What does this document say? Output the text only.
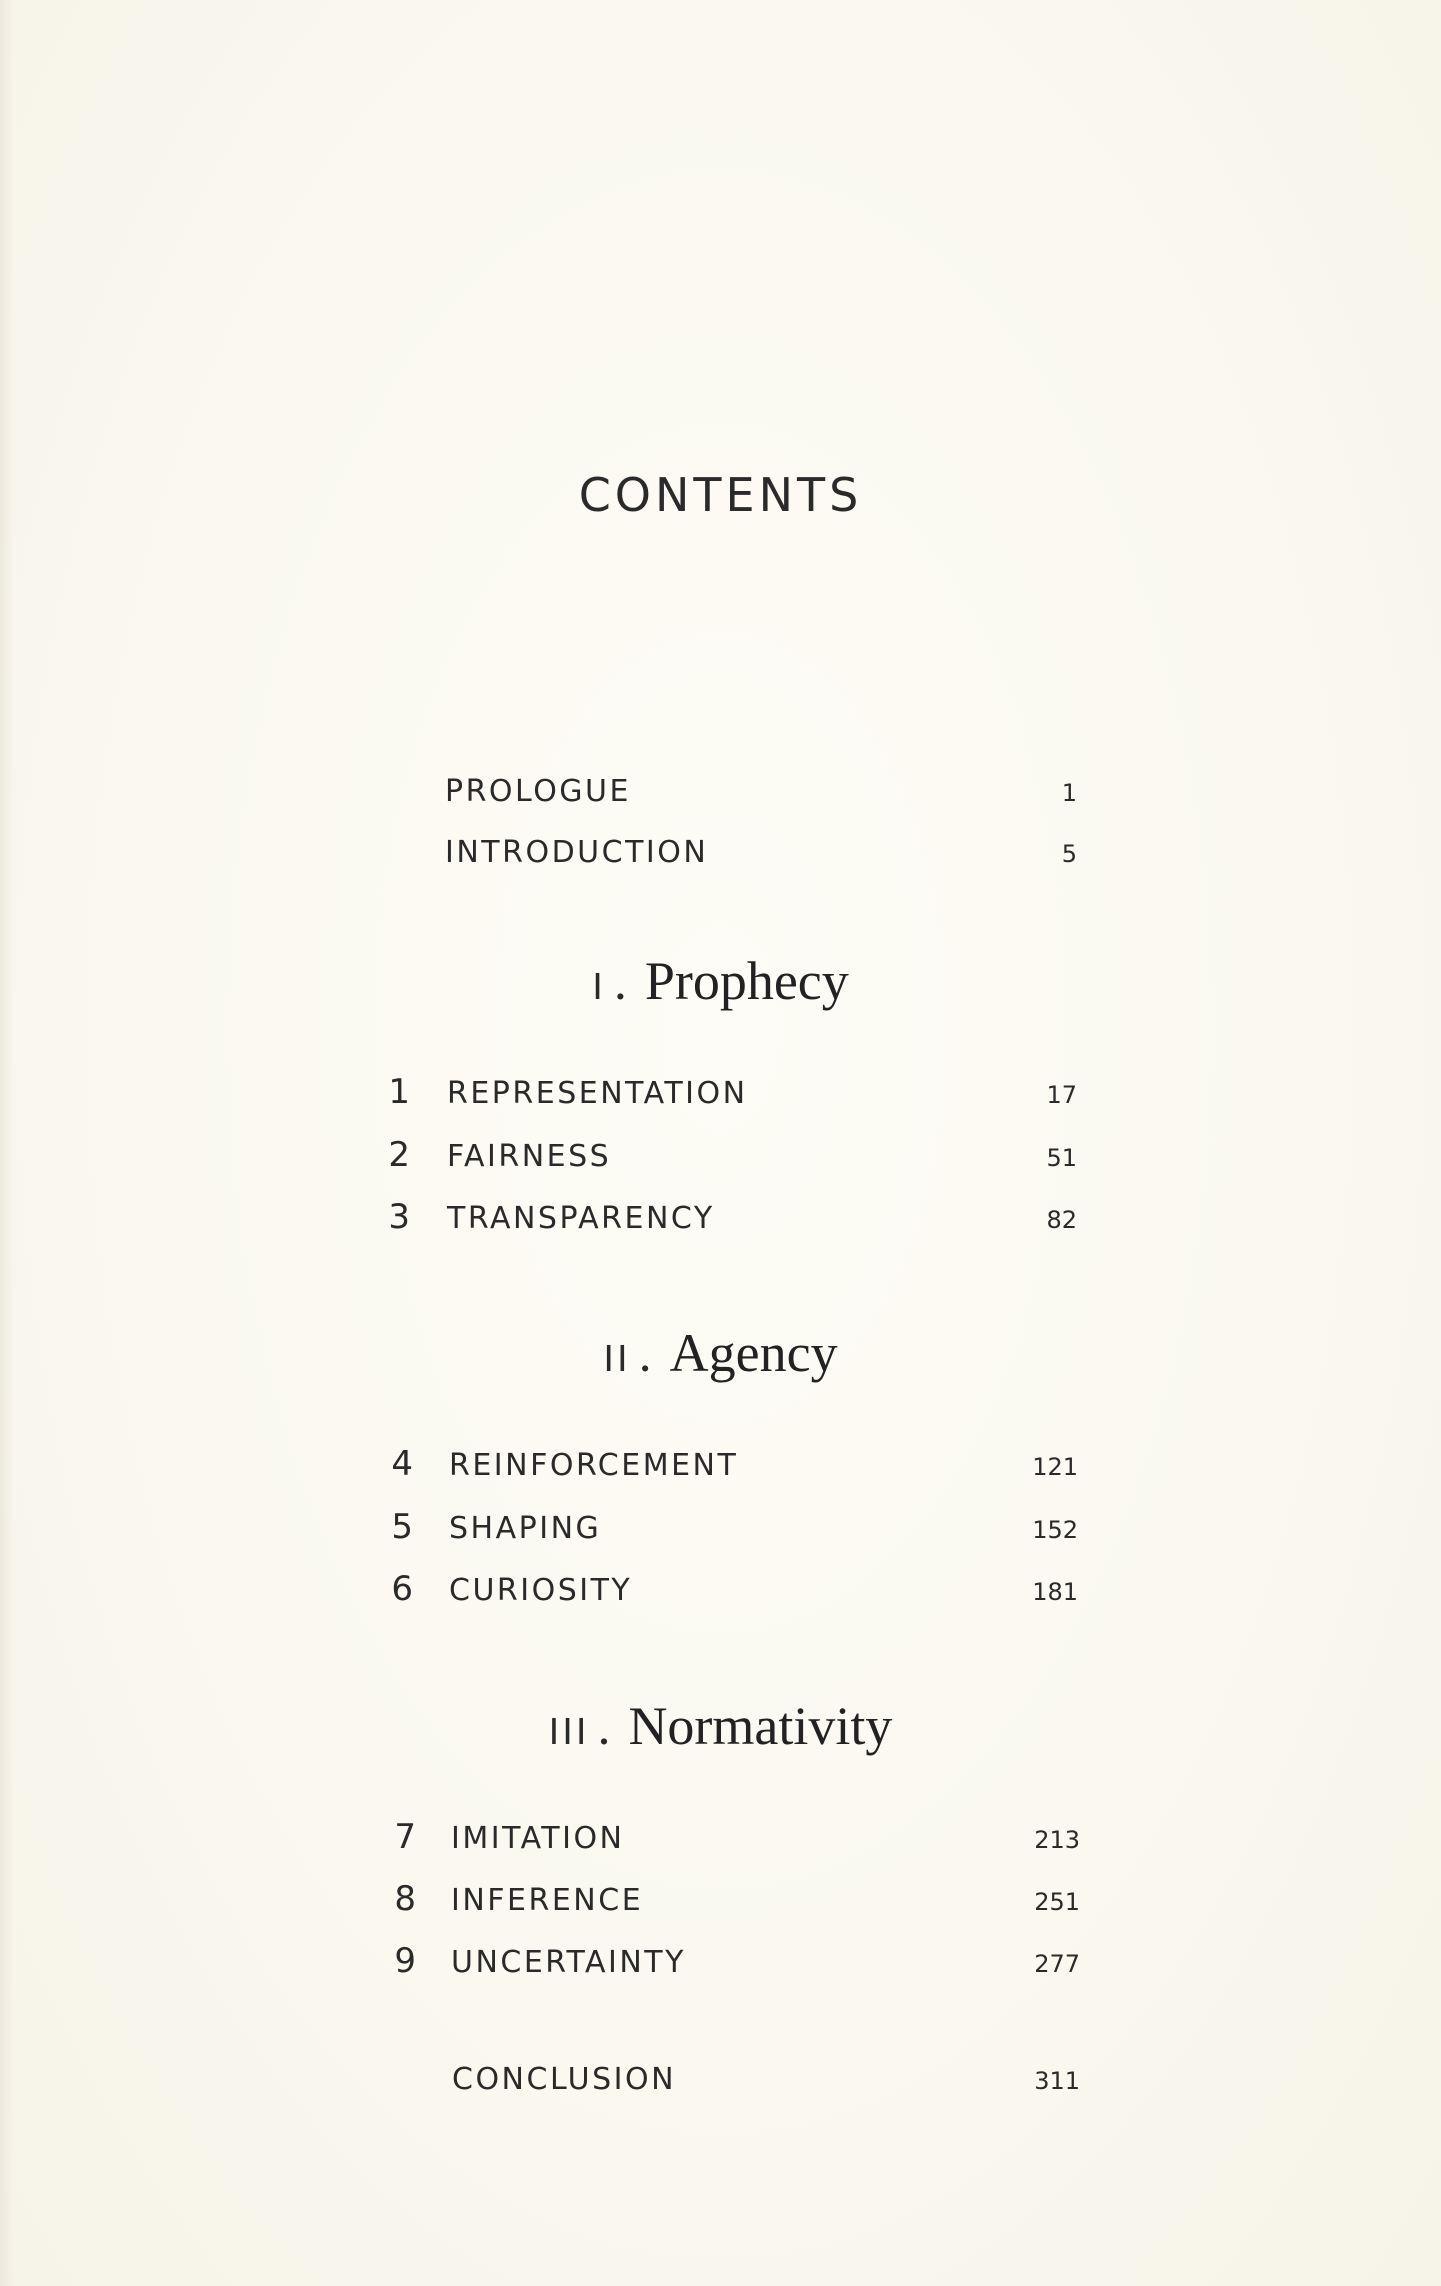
CONTENTS
PROLOGUE	1
INTRODUCTION	5
I . Prophecy
1 REPRESENTATION	17
2 FAIRNESS	51
3 TRANSPARENCY	82
II . Agency
4 REINFORCEMENT	121
5 SHAPING	152
6 CURIOSITY	181
III . Normativity
7 IMITATION	213
8 INFERENCE	251
9 UNCERTAINTY	277
CONCLUSION	311
